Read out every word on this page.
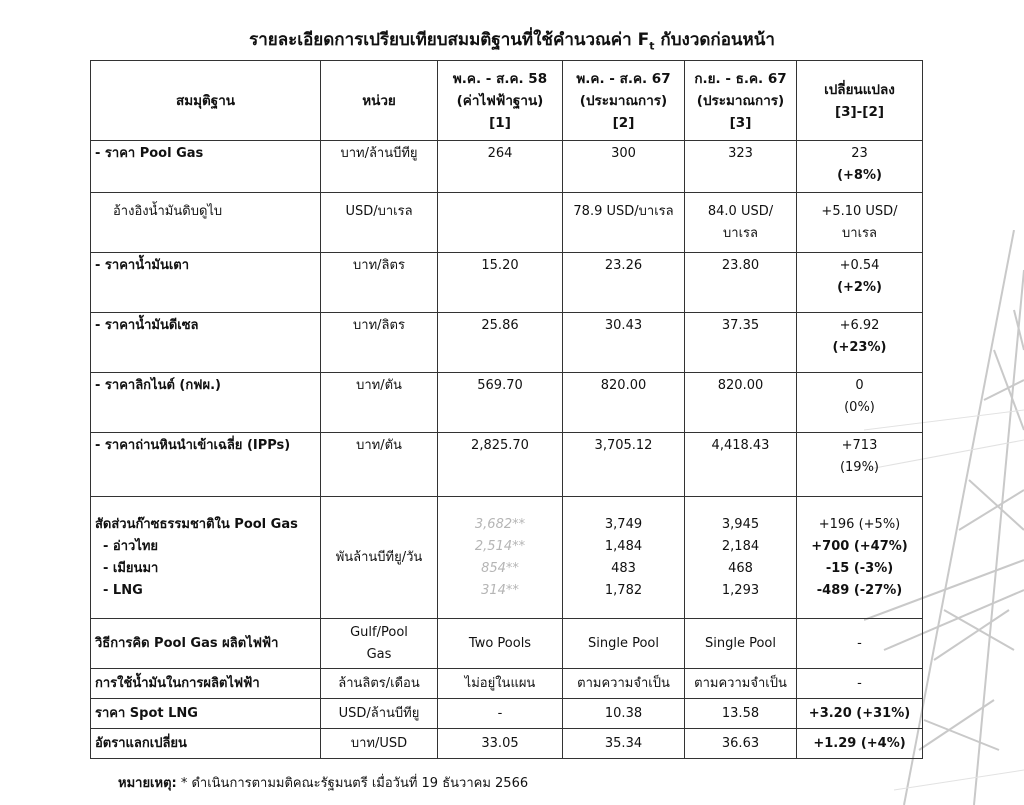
รายละเอียดการเปรียบเทียบสมมติฐานที่ใช้คำนวณค่า $F_t$ กับงวดก่อนหน้า
สมมุติฐาน	หน่วย	พ.ค. - ส.ค. 58
(ค่าไฟฟ้าฐาน)
[1]	พ.ค. - ส.ค. 67
(ประมาณการ)
[2]	ก.ย. - ธ.ค. 67
(ประมาณการ)
[3]	เปลี่ยนแปลง
[3]-[2]
- ราคา Pool Gas	บาท/ล้านบีทียู	264	300	323	23
(+8%)
อ้างอิงน้ำมันดิบดูไบ	USD/บาเรล		78.9 USD/บาเรล	84.0 USD/
บาเรล	+5.10 USD/
บาเรล
- ราคาน้ำมันเตา	บาท/ลิตร	15.20	23.26	23.80	+0.54
(+2%)
- ราคาน้ำมันดีเซล	บาท/ลิตร	25.86	30.43	37.35	+6.92
(+23%)
- ราคาลิกไนต์ (กฟผ.)	บาท/ตัน	569.70	820.00	820.00	0
(0%)
- ราคาถ่านหินนำเข้าเฉลี่ย (IPPs)	บาท/ตัน	2,825.70	3,705.12	4,418.43	+713
(19%)
สัดส่วนก๊าซธรรมชาติใน Pool Gas
- อ่าวไทย
- เมียนมา
- LNG	พันล้านบีทียู/วัน	3,682**
2,514**
854**
314**	3,749
1,484
483
1,782	3,945
2,184
468
1,293	+196 (+5%)
+700 (+47%)
-15 (-3%)
-489 (-27%)
วิธีการคิด Pool Gas ผลิตไฟฟ้า	Gulf/Pool
Gas	Two Pools	Single Pool	Single Pool	-
การใช้น้ำมันในการผลิตไฟฟ้า	ล้านลิตร/เดือน	ไม่อยู่ในแผน	ตามความจำเป็น	ตามความจำเป็น	-
ราคา Spot LNG	USD/ล้านบีทียู	-	10.38	13.58	+3.20 (+31%)
อัตราแลกเปลี่ยน	บาท/USD	33.05	35.34	36.63	+1.29 (+4%)
หมายเหตุ: * ดำเนินการตามมติคณะรัฐมนตรี เมื่อวันที่ 19 ธันวาคม 2566
